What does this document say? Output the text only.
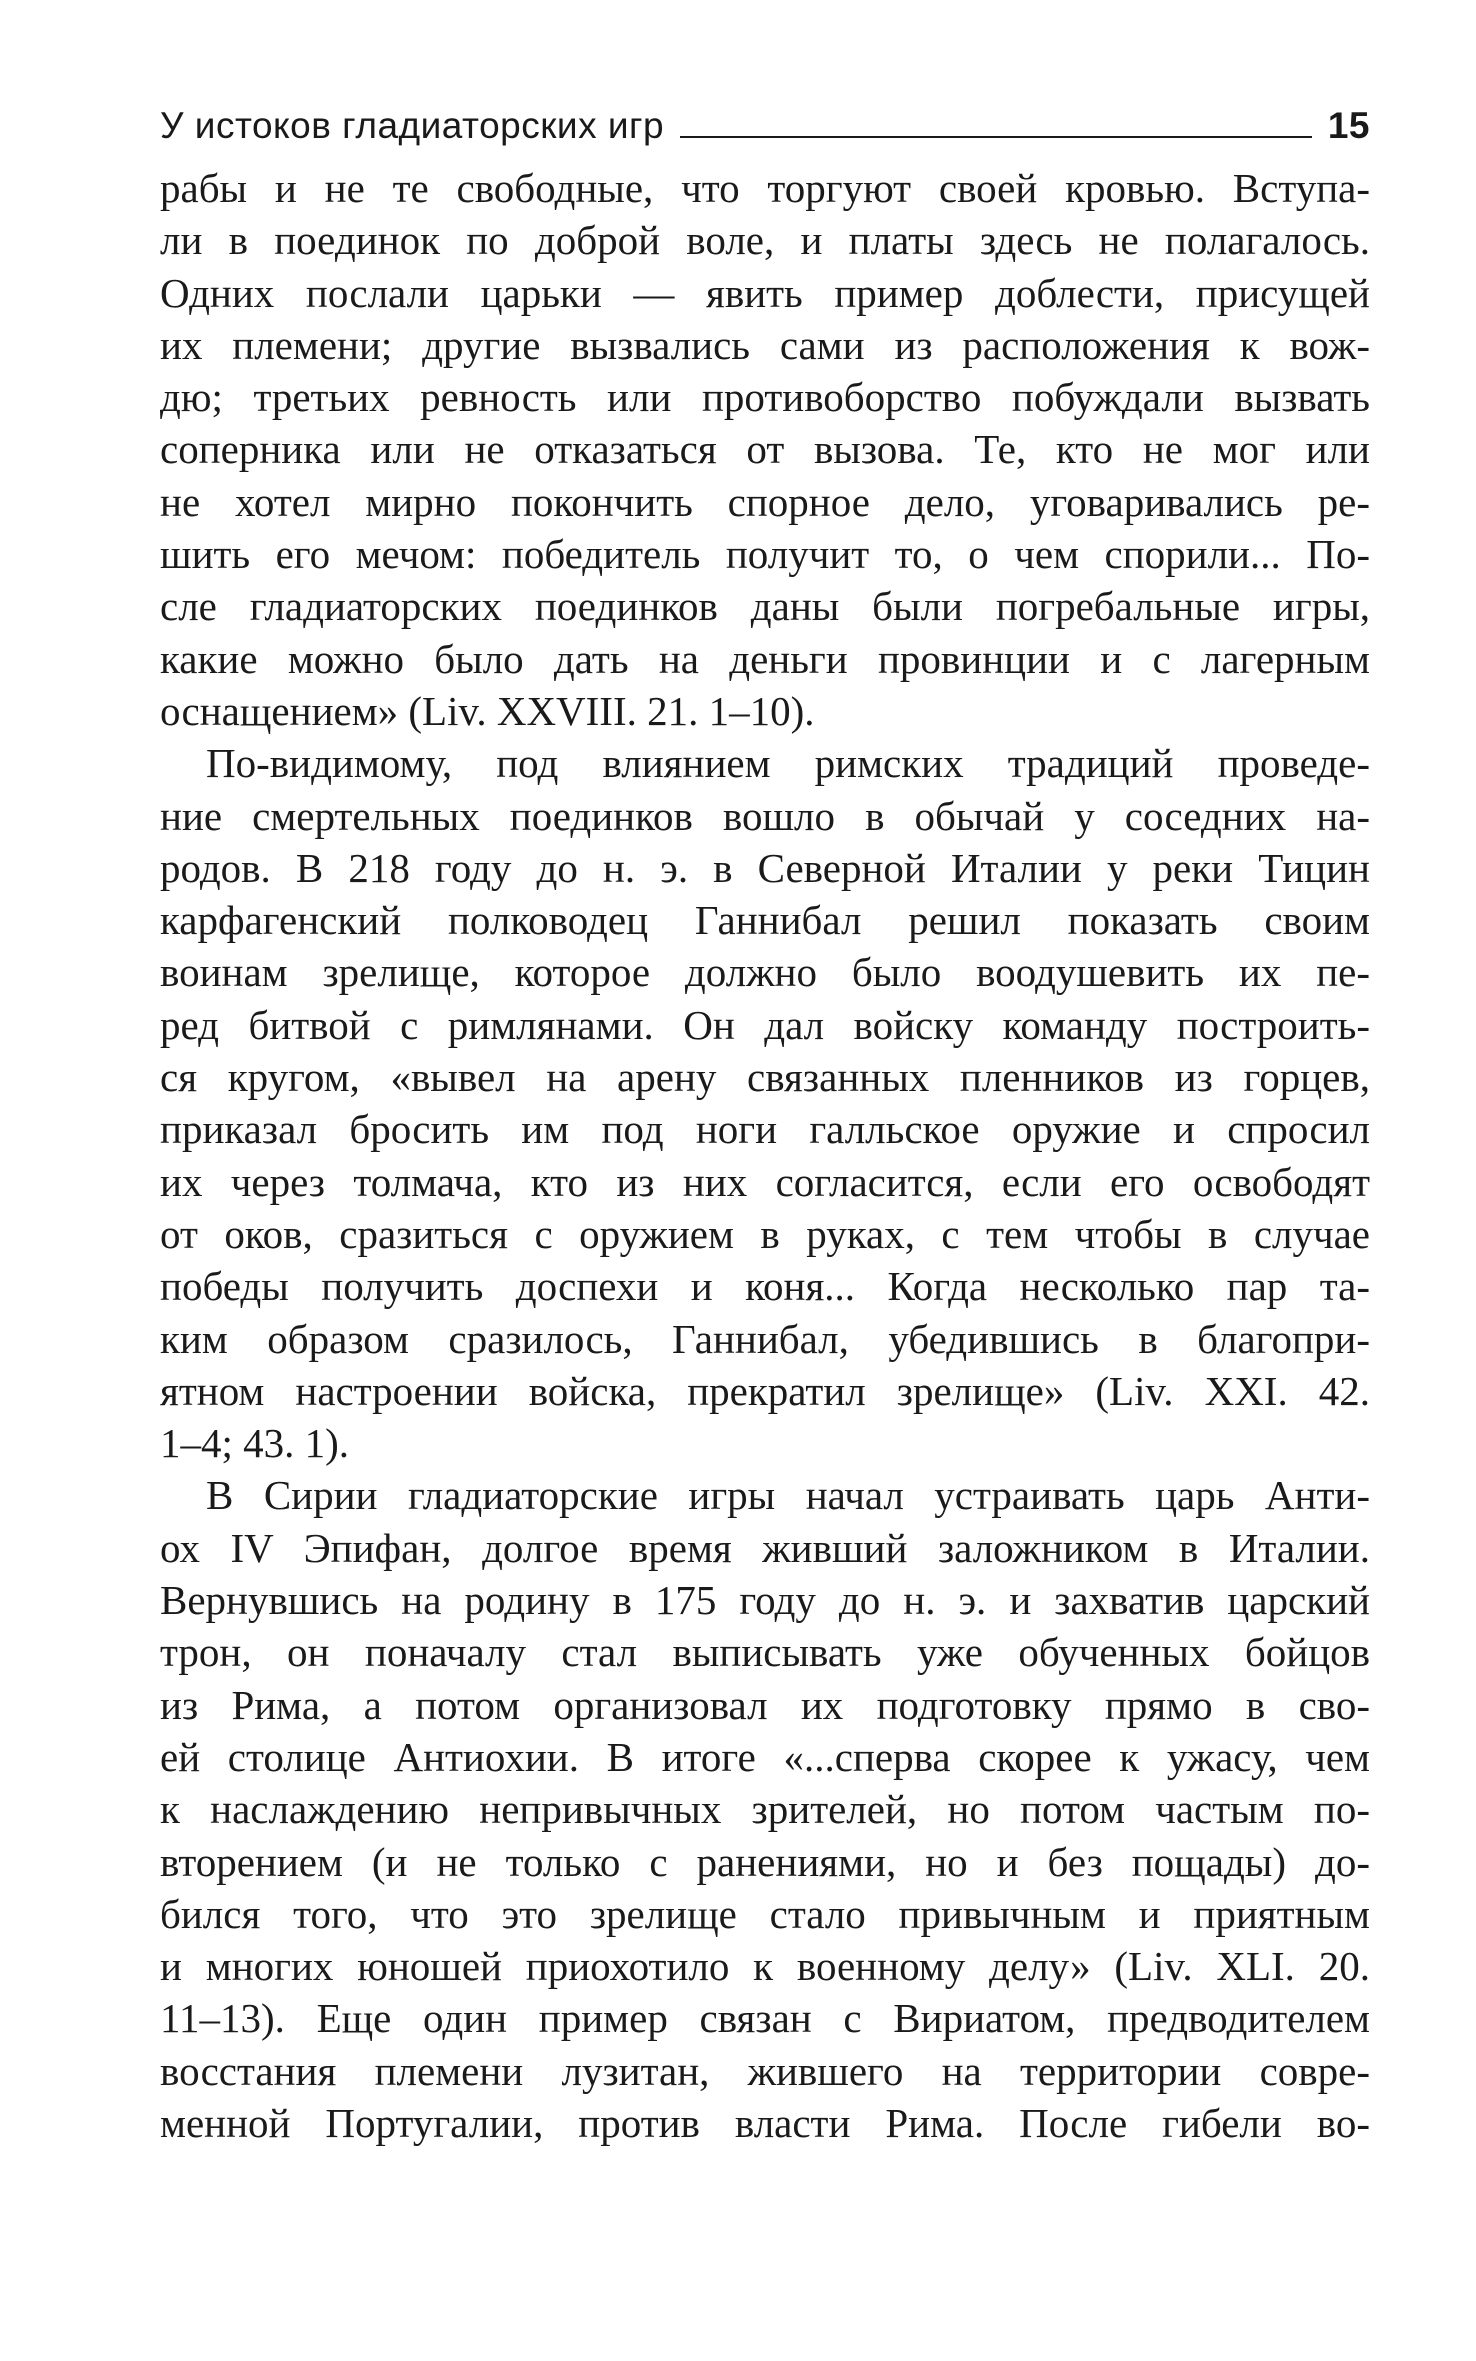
У истоков гладиаторских игр	15
рабы и не те свободные, что торгуют своей кровью. Вступа-
ли в поединок по доброй воле, и платы здесь не полагалось.
Одних послали царьки — явить пример доблести, присущей
их племени; другие вызвались сами из расположения к вож-
дю; третьих ревность или противоборство побуждали вызвать
соперника или не отказаться от вызова. Те, кто не мог или
не хотел мирно покончить спорное дело, уговаривались ре-
шить его мечом: победитель получит то, о чем спорили... По-
сле гладиаторских поединков даны были погребальные игры,
какие можно было дать на деньги провинции и с лагерным
оснащением» (Liv. XXVIII. 21. 1–10).
По-видимому, под влиянием римских традиций проведе-
ние смертельных поединков вошло в обычай у соседних на-
родов. В 218 году до н. э. в Северной Италии у реки Тицин
карфагенский полководец Ганнибал решил показать своим
воинам зрелище, которое должно было воодушевить их пе-
ред битвой с римлянами. Он дал войску команду построить-
ся кругом, «вывел на арену связанных пленников из горцев,
приказал бросить им под ноги галльское оружие и спросил
их через толмача, кто из них согласится, если его освободят
от оков, сразиться с оружием в руках, с тем чтобы в случае
победы получить доспехи и коня... Когда несколько пар та-
ким образом сразилось, Ганнибал, убедившись в благопри-
ятном настроении войска, прекратил зрелище» (Liv. XXI. 42.
1–4; 43. 1).
В Сирии гладиаторские игры начал устраивать царь Анти-
ох IV Эпифан, долгое время живший заложником в Италии.
Вернувшись на родину в 175 году до н. э. и захватив царский
трон, он поначалу стал выписывать уже обученных бойцов
из Рима, а потом организовал их подготовку прямо в сво-
ей столице Антиохии. В итоге «...сперва скорее к ужасу, чем
к наслаждению непривычных зрителей, но потом частым по-
вторением (и не только с ранениями, но и без пощады) до-
бился того, что это зрелище стало привычным и приятным
и многих юношей приохотило к военному делу» (Liv. XLI. 20.
11–13). Еще один пример связан с Вириатом, предводителем
восстания племени лузитан, жившего на территории совре-
менной Португалии, против власти Рима. После гибели во-
